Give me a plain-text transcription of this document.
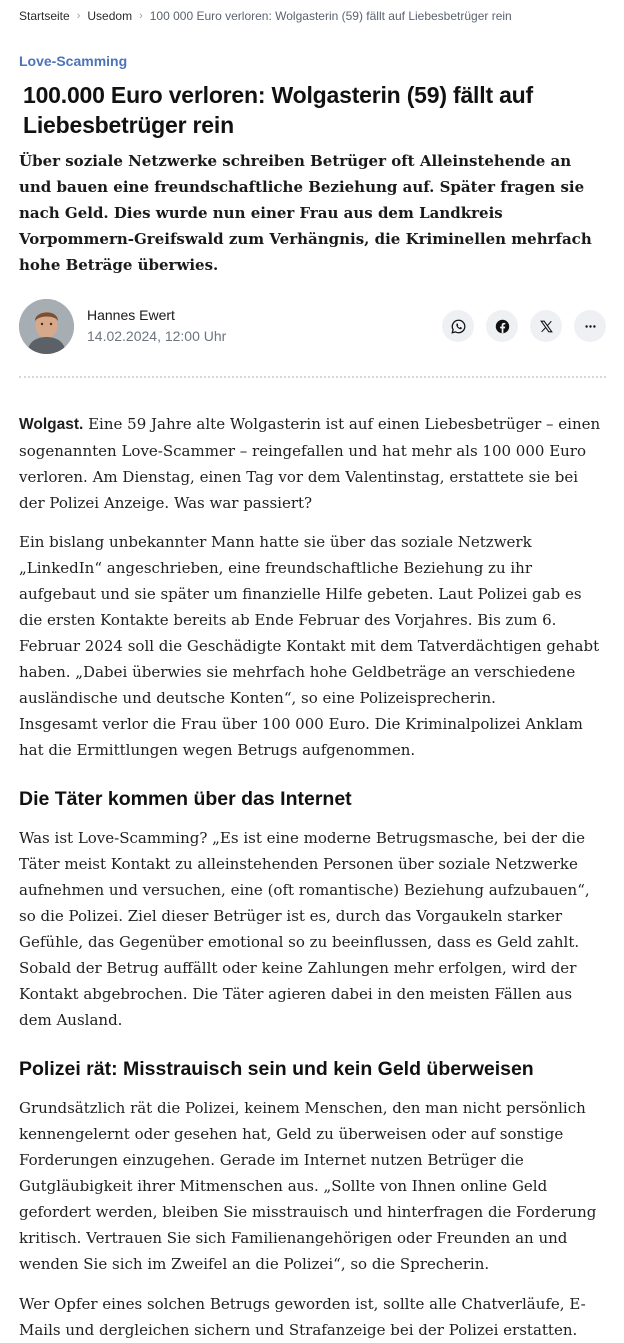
Startseite › Usedom › 100 000 Euro verloren: Wolgasterin (59) fällt auf Liebesbetrüger rein
Love-Scamming
100.000 Euro verloren: Wolgasterin (59) fällt auf Liebesbetrüger rein

Über soziale Netzwerke schreiben Betrüger oft Alleinstehende an und bauen eine freundschaftliche Beziehung auf. Später fragen sie nach Geld. Dies wurde nun einer Frau aus dem Landkreis Vorpommern-Greifswald zum Verhängnis, die Kriminellen mehrfach hohe Beträge überwies.

Hannes Ewert
14.02.2024, 12:00 Uhr

Wolgast. Eine 59 Jahre alte Wolgasterin ist auf einen Liebesbetrüger – einen sogenannten Love-Scammer – reingefallen und hat mehr als 100 000 Euro verloren. Am Dienstag, einen Tag vor dem Valentinstag, erstattete sie bei der Polizei Anzeige. Was war passiert?

Ein bislang unbekannter Mann hatte sie über das soziale Netzwerk „LinkedIn“ angeschrieben, eine freundschaftliche Beziehung zu ihr aufgebaut und sie später um finanzielle Hilfe gebeten. Laut Polizei gab es die ersten Kontakte bereits ab Ende Februar des Vorjahres. Bis zum 6. Februar 2024 soll die Geschädigte Kontakt mit dem Tatverdächtigen gehabt haben. „Dabei überwies sie mehrfach hohe Geldbeträge an verschiedene ausländische und deutsche Konten“, so eine Polizeisprecherin.

Insgesamt verlor die Frau über 100 000 Euro. Die Kriminalpolizei Anklam hat die Ermittlungen wegen Betrugs aufgenommen.

Die Täter kommen über das Internet

Was ist Love-Scamming? „Es ist eine moderne Betrugsmasche, bei der die Täter meist Kontakt zu alleinstehenden Personen über soziale Netzwerke aufnehmen und versuchen, eine (oft romantische) Beziehung aufzubauen“, so die Polizei. Ziel dieser Betrüger ist es, durch das Vorgaukeln starker Gefühle, das Gegenüber emotional so zu beeinflussen, dass es Geld zahlt. Sobald der Betrug auffällt oder keine Zahlungen mehr erfolgen, wird der Kontakt abgebrochen. Die Täter agieren dabei in den meisten Fällen aus dem Ausland.

Polizei rät: Misstrauisch sein und kein Geld überweisen

Grundsätzlich rät die Polizei, keinem Menschen, den man nicht persönlich kennengelernt oder gesehen hat, Geld zu überweisen oder auf sonstige Forderungen einzugehen. Gerade im Internet nutzen Betrüger die Gutgläubigkeit ihrer Mitmenschen aus. „Sollte von Ihnen online Geld gefordert werden, bleiben Sie misstrauisch und hinterfragen die Forderung kritisch. Vertrauen Sie sich Familienangehörigen oder Freunden an und wenden Sie sich im Zweifel an die Polizei“, so die Sprecherin.

Wer Opfer eines solchen Betrugs geworden ist, sollte alle Chatverläufe, E-Mails und dergleichen sichern und Strafanzeige bei der Polizei erstatten.
